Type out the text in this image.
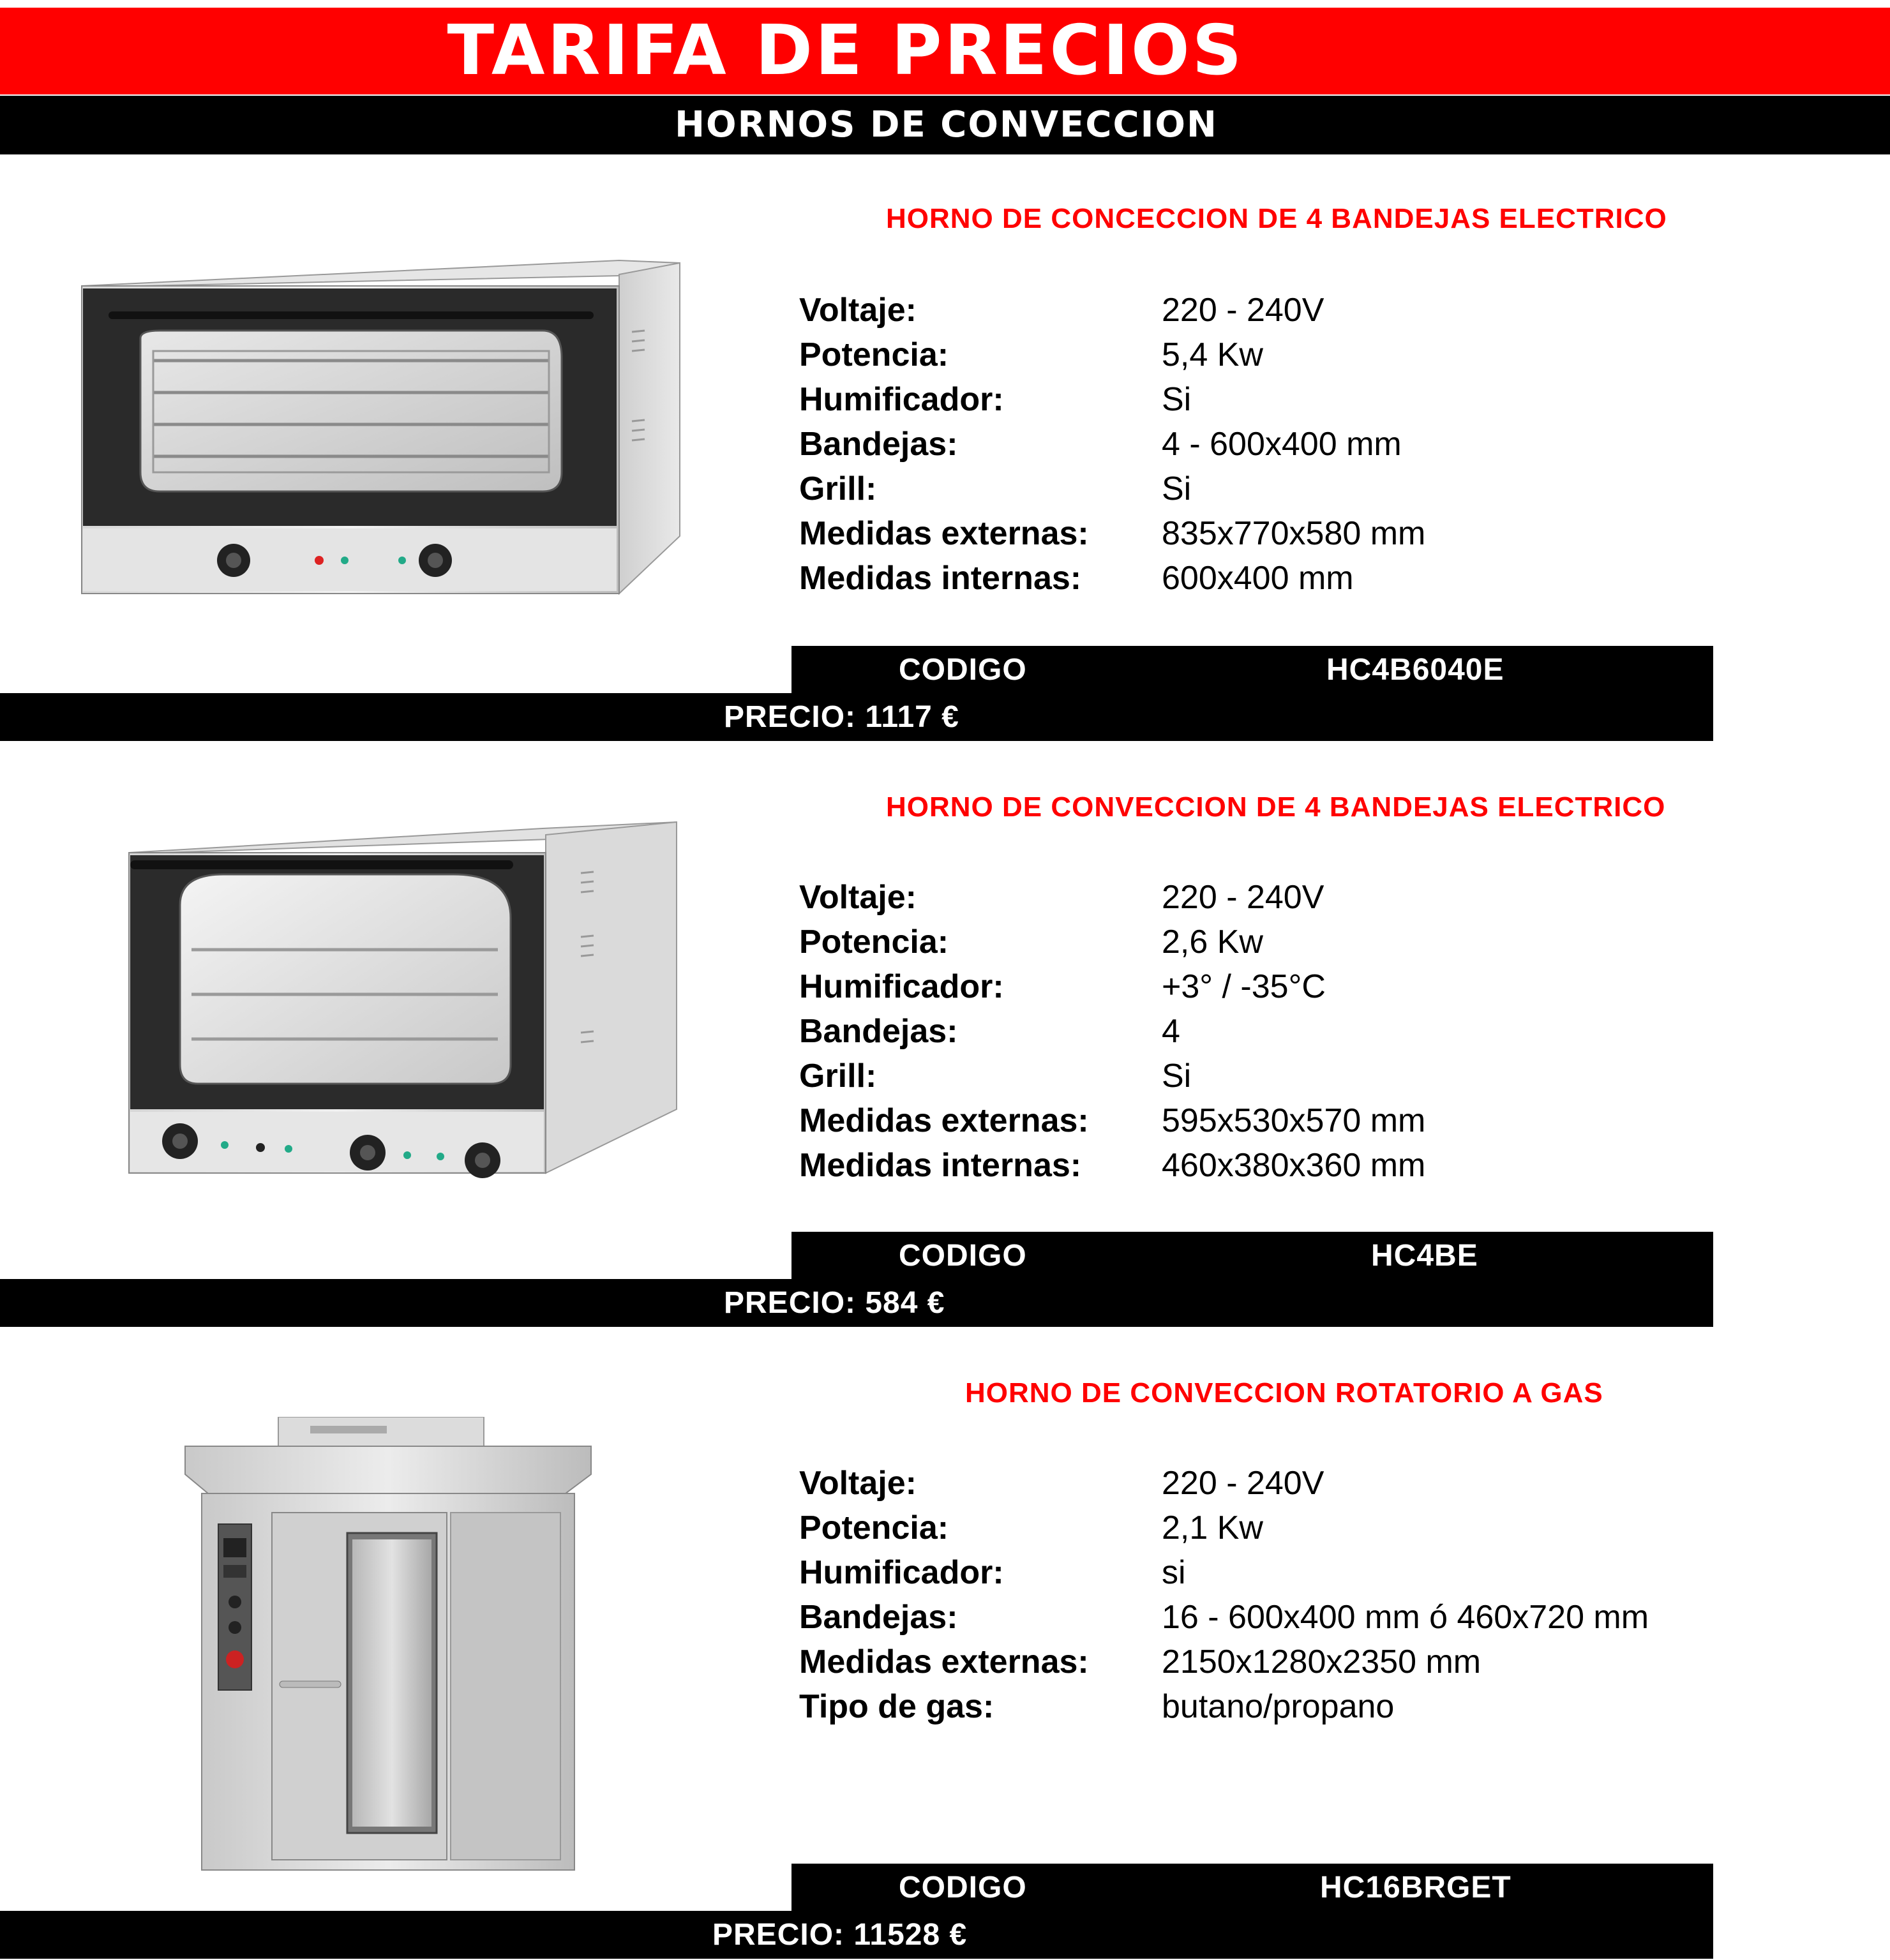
TARIFA DE PRECIOS
HORNOS DE CONVECCION
HORNO DE CONCECCION DE 4 BANDEJAS ELECTRICO
Voltaje:	220 - 240V
Potencia:	5,4 Kw
Humificador:	Si
Bandejas:	4 - 600x400 mm
Grill:	Si
Medidas externas: 835x770x580 mm
Medidas internas: 600x400 mm
CODIGO	HC4B6040E
PRECIO: 1117 €
HORNO DE CONVECCION DE 4 BANDEJAS ELECTRICO
Voltaje:	220 - 240V
Potencia:	2,6 Kw
Humificador:	+3° / -35°C
Bandejas:	4
Grill:	Si
Medidas externas: 595x530x570 mm
Medidas internas: 460x380x360 mm
CODIGO	HC4BE
PRECIO: 584 €
HORNO DE CONVECCION ROTATORIO A GAS
Voltaje:	220 - 240V
Potencia:	2,1 Kw
Humificador:	si
Bandejas:	16 - 600x400 mm ó 460x720 mm
Medidas externas: 2150x1280x2350 mm
Tipo de gas:	butano/propano
CODIGO	HC16BRGET
PRECIO: 11528 €
